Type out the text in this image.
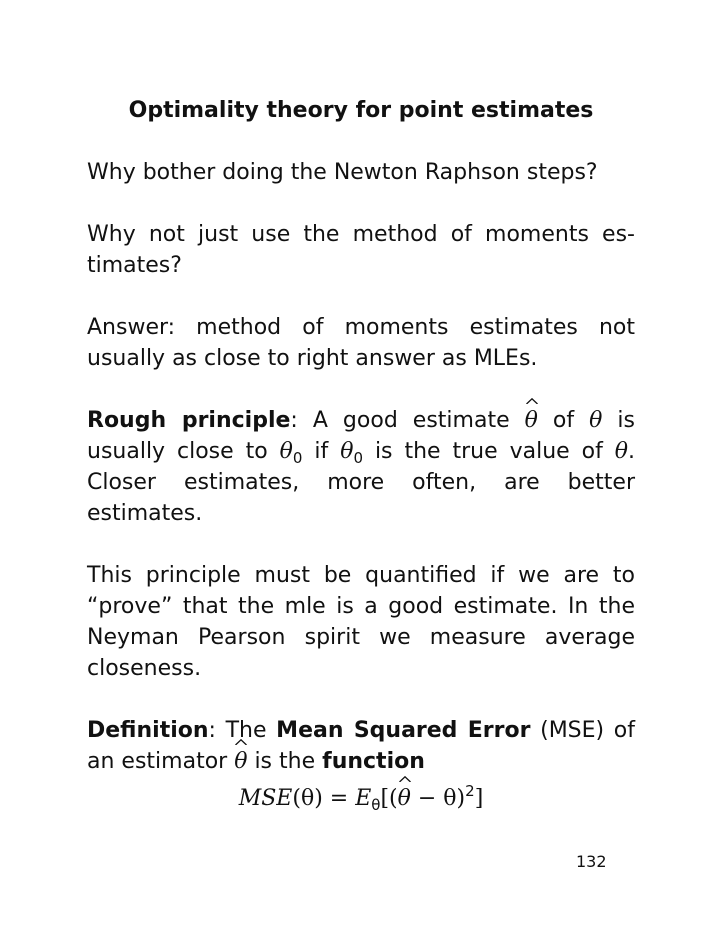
Optimality theory for point estimates
Why bother doing the Newton Raphson steps?
Why not just use the method of moments es-timates?
Answer: method of moments estimates not usually as close to right answer as MLEs.
Rough principle: A good estimate
θ of θ is usually close to $\theta_0$ if $\theta_0$ is the true value of θ. Closer estimates, more often, are better estimates.
This principle must be quantified if we are to “prove” that the mle is a good estimate. In the Neyman Pearson spirit we measure average closeness.
Definition: The Mean Squared Error (MSE) of an estimator
θ is the function
$MSE(\theta) = E_\theta$[(
θ − θ)$^2$]
132
